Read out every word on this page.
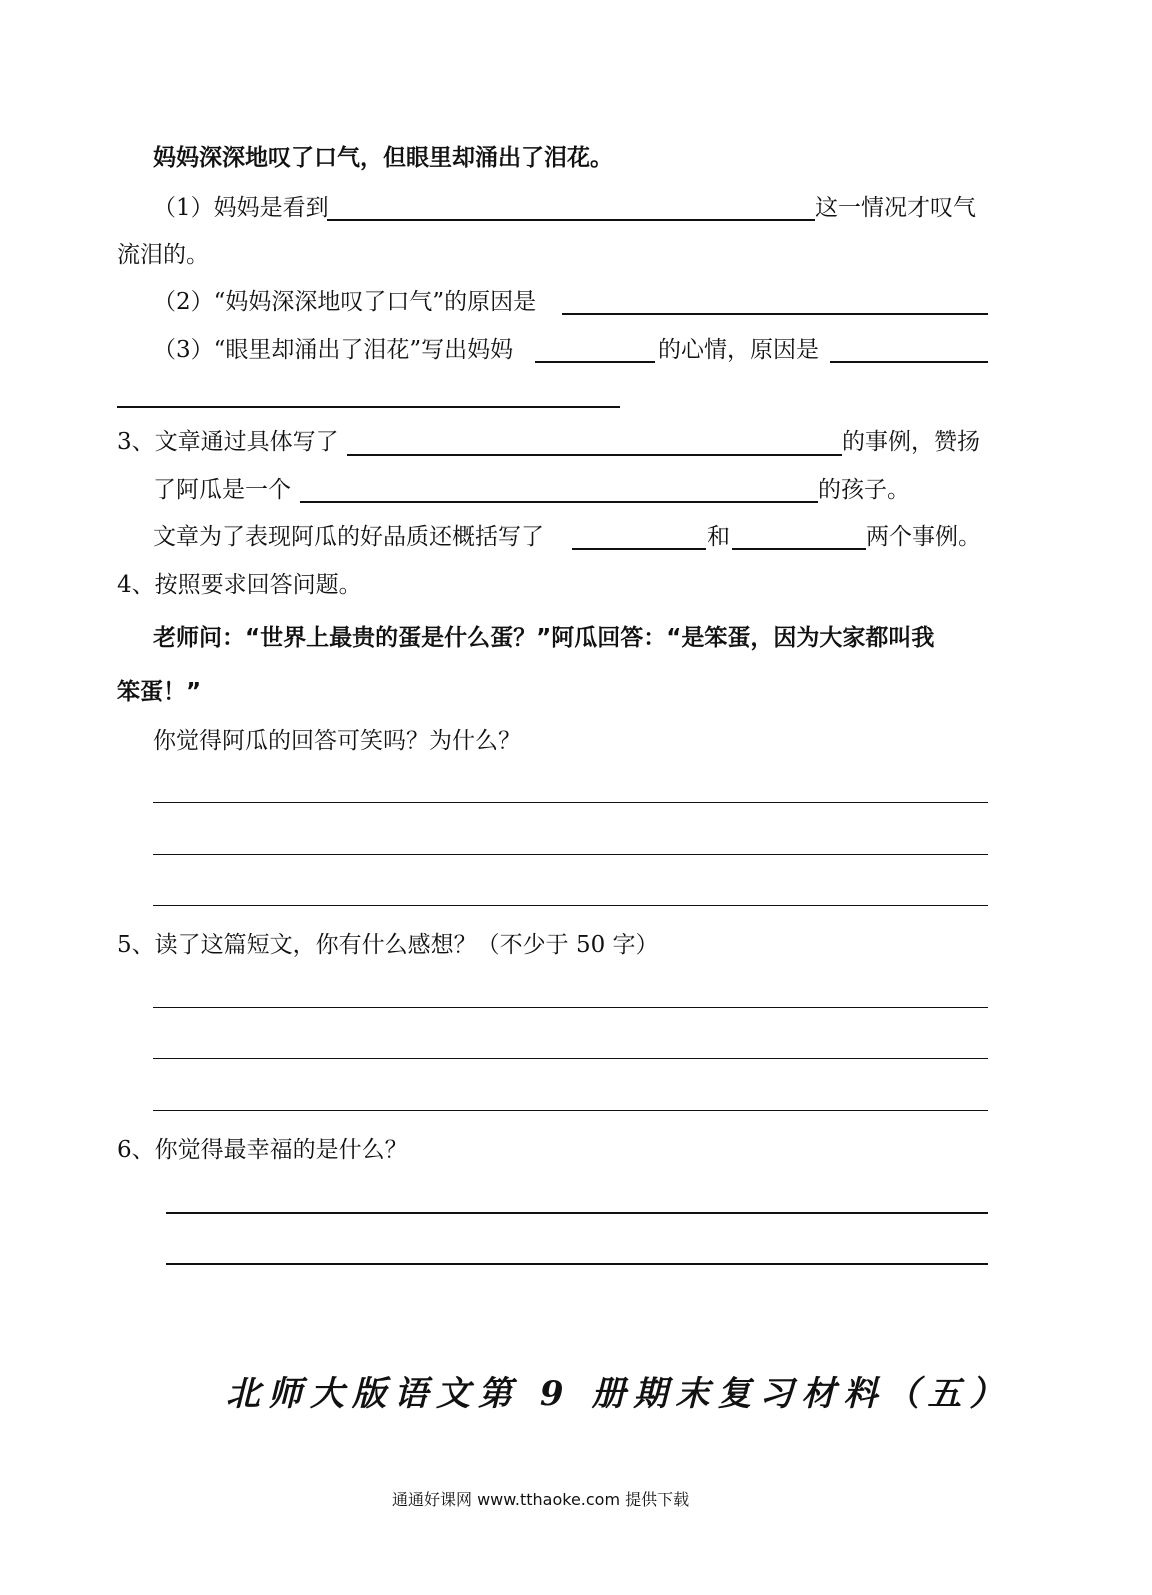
妈妈深深地叹了口气，但眼里却涌出了泪花。
（1）妈妈是看到	这一情况才叹气
流泪的。
（2）“妈妈深深地叹了口气”的原因是
（3）“眼里却涌出了泪花”写出妈妈	的心情，原因是
3、文章通过具体写了	的事例，赞扬
了阿瓜是一个	的孩子。
文章为了表现阿瓜的好品质还概括写了	和	两个事例。
4、按照要求回答问题。
老师问：“世界上最贵的蛋是什么蛋？”阿瓜回答：“是笨蛋，因为大家都叫我
笨蛋！”
你觉得阿瓜的回答可笑吗？为什么？
5、读了这篇短文，你有什么感想？（不少于 50 字）
6、你觉得最幸福的是什么？
北师大版语文第 9 册期末复习材料（五）
通通好课网 www.tthaoke.com 提供下载
